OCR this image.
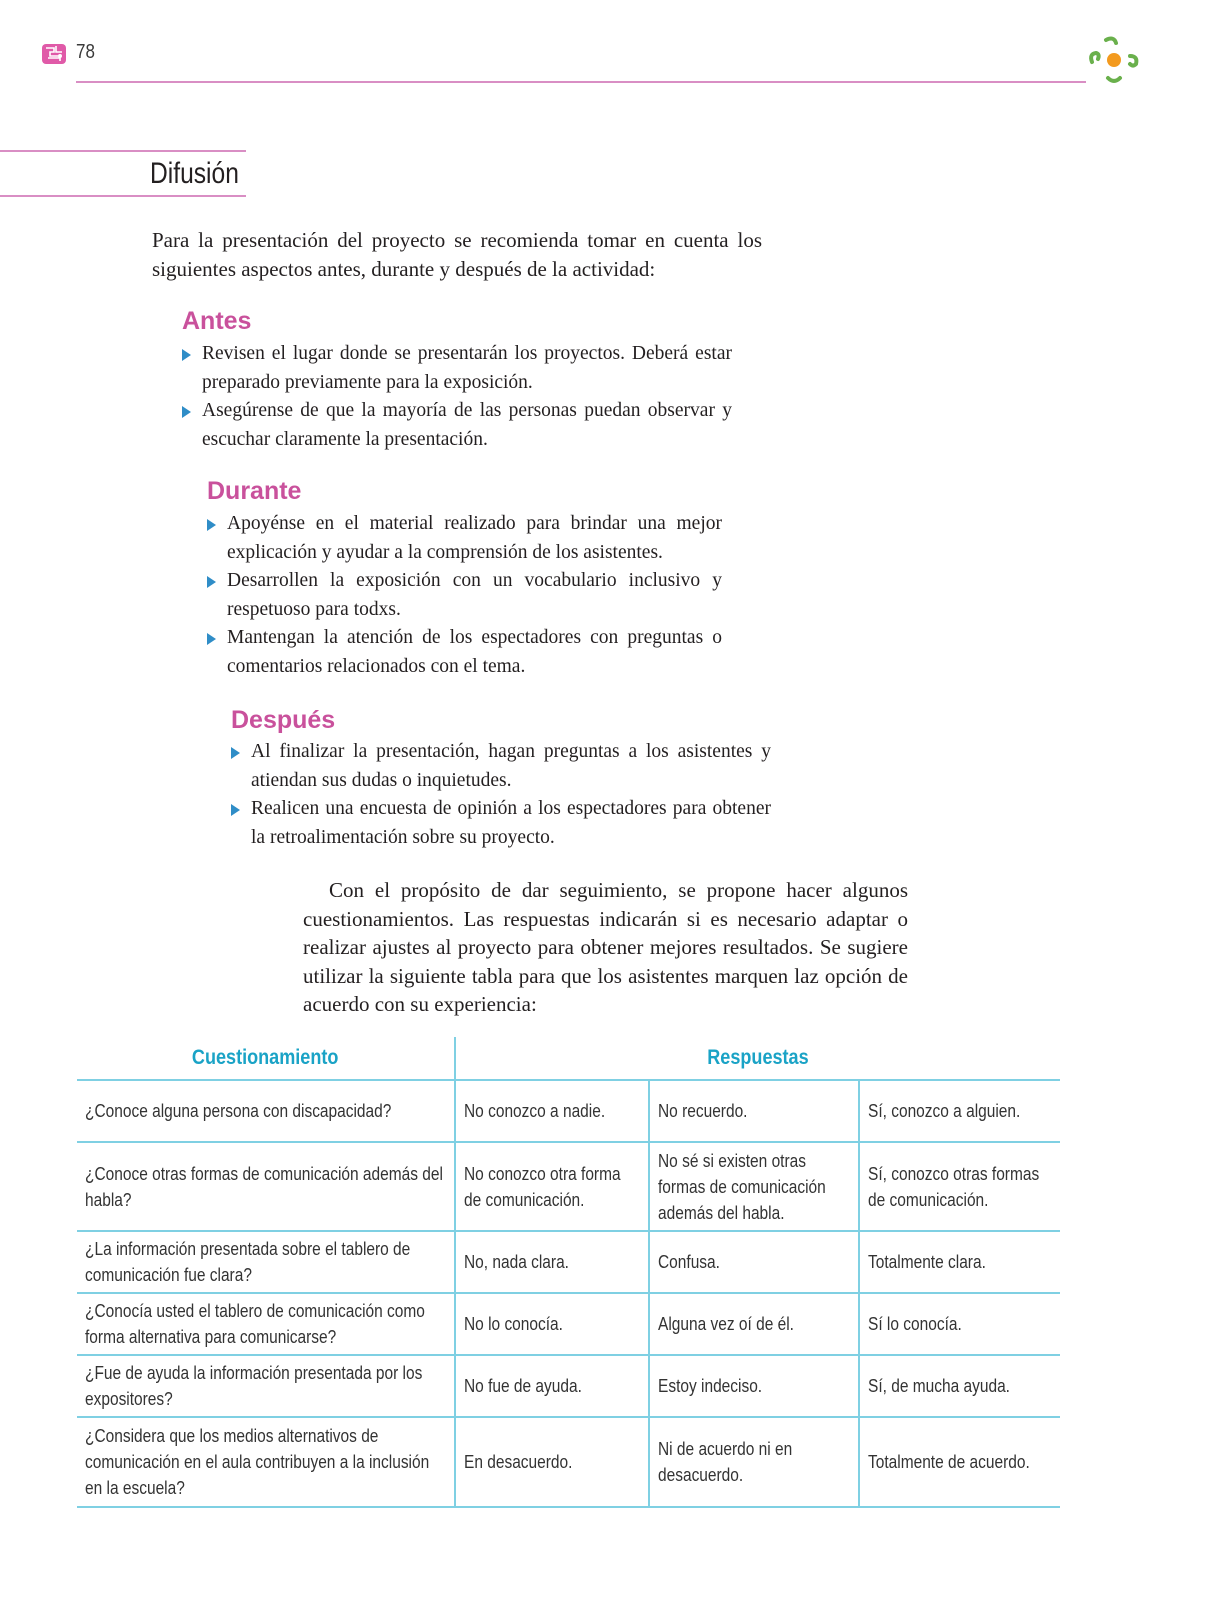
78
Difusión

Para la presentación del proyecto se recomienda tomar en cuenta los siguientes aspectos antes, durante y después de la actividad:

Antes
Revisen el lugar donde se presentarán los proyectos. Deberá estar preparado previamente para la exposición.
Asegúrense de que la mayoría de las personas puedan observar y escuchar claramente la presentación.
Durante
Apoyénse en el material realizado para brindar una mejor explicación y ayudar a la comprensión de los asistentes.
Desarrollen la exposición con un vocabulario inclusivo y respetuoso para todxs.
Mantengan la atención de los espectadores con preguntas o comentarios relacionados con el tema.
Después
Al finalizar la presentación, hagan preguntas a los asistentes y atiendan sus dudas o inquietudes.
Realicen una encuesta de opinión a los espectadores para obtener la retroalimentación sobre su proyecto.

Con el propósito de dar seguimiento, se propone hacer algunos cuestionamientos. Las respuestas indicarán si es necesario adaptar o realizar ajustes al proyecto para obtener mejores resultados. Se sugiere utilizar la siguiente tabla para que los asistentes marquen laz opción de acuerdo con su experiencia:

Cuestionamiento	Respuestas		
¿Conoce alguna persona con discapacidad?	No conozco a nadie.	No recuerdo.	Sí, conozco a alguien.
¿Conoce otras formas de comunicación además del habla?	No conozco otra forma de comunicación.	No sé si existen otras formas de comunicación además del habla.	Sí, conozco otras formas de comunicación.
¿La información presentada sobre el tablero de comunicación fue clara?	No, nada clara.	Confusa.	Totalmente clara.
¿Conocía usted el tablero de comunicación como forma alternativa para comunicarse?	No lo conocía.	Alguna vez oí de él.	Sí lo conocía.
¿Fue de ayuda la información presentada por los expositores?	No fue de ayuda.	Estoy indeciso.	Sí, de mucha ayuda.
¿Considera que los medios alternativos de comunicación en el aula contribuyen a la inclusión en la escuela?	En desacuerdo.	Ni de acuerdo ni en desacuerdo.	Totalmente de acuerdo.
